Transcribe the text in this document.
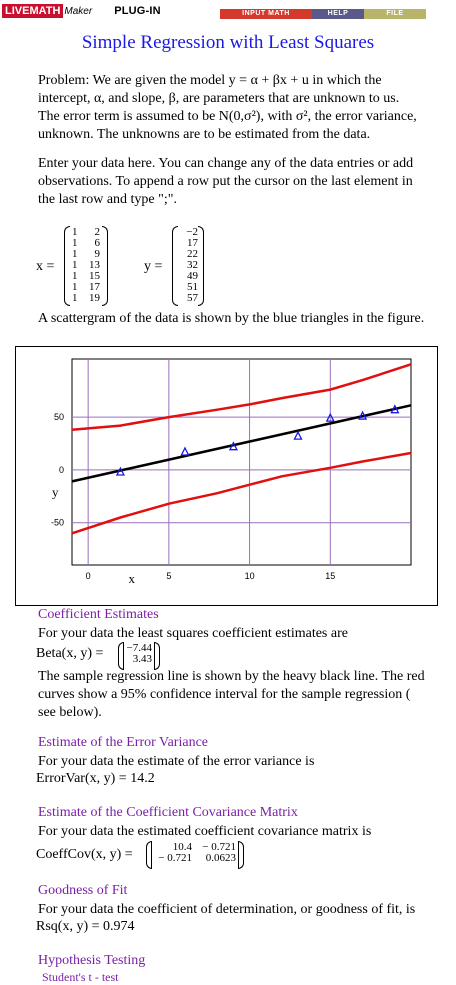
LIVEMATH Maker PLUG-IN	INPUT MATH	HELP	FILE
Simple Regression with Least Squares
Problem: We are given the model y = α + βx + u in which the
intercept, α, and slope, β, are parameters that are unknown to us.
The error term is assumed to be N(0,σ²), with σ², the error variance,
unknown. The unknowns are to be estimated from the data.
Enter your data here. You can change any of the data entries or add
observations. To append a row put the cursor on the last element in
the last row and type ";".
x =
1	2
1	6
1	9
1	13
1	15
1	17
1	19
y =
−2
17
22
32
49
51
57
A scattergram of the data is shown by the blue triangles in the figure.
0	5	10	15
50
0
-50
x
y
Coefficient Estimates
For your data the least squares coefficient estimates are
Beta(x, y) = −7.44
3.43
The sample regression line is shown by the heavy black line. The red
curves show a 95% confidence interval for the sample regression (
see below).
Estimate of the Error Variance
For your data the estimate of the error variance is
ErrorVar(x, y) = 14.2
Estimate of the Coefficient Covariance Matrix
For your data the estimated coefficient covariance matrix is
CoeffCov(x, y) =	10.4 − 0.721
− 0.721	0.0623
Goodness of Fit
For your data the coefficient of determination, or goodness of fit, is
Rsq(x, y) = 0.974
Hypothesis Testing
Student's t - test
